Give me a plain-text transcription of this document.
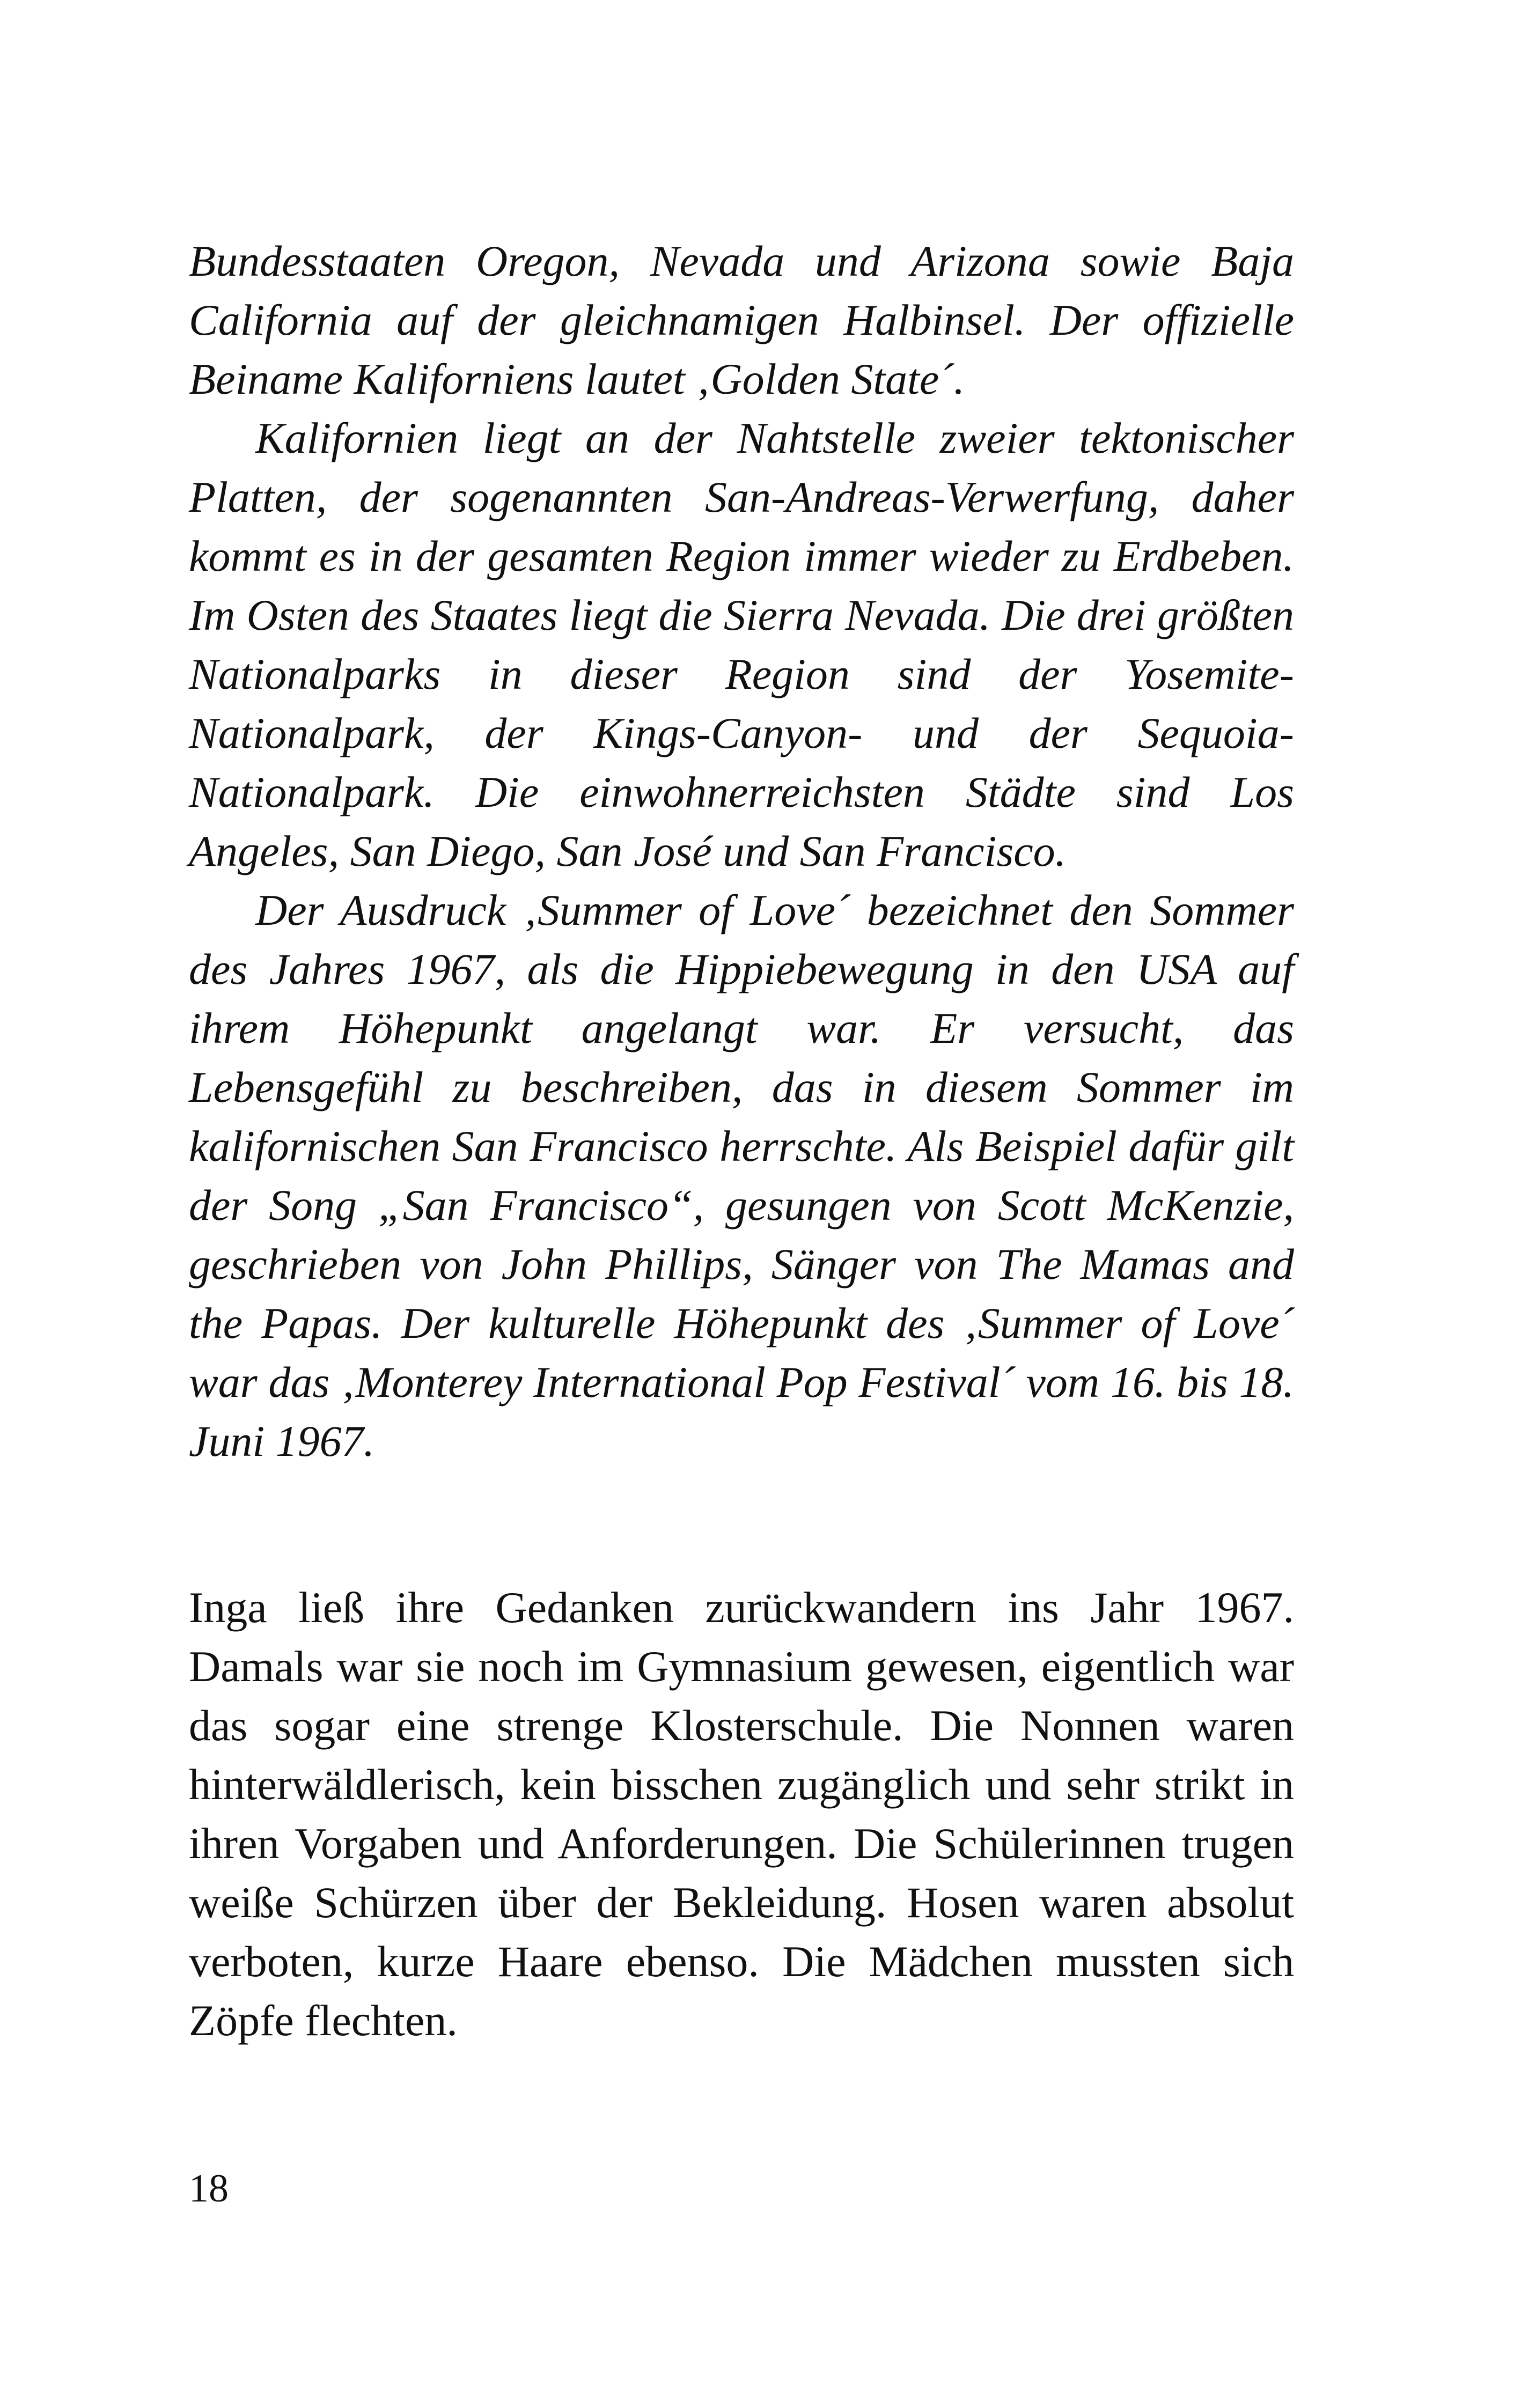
Bundesstaaten Oregon, Nevada und Arizona sowie Baja California auf der gleichnamigen Halbinsel. Der offizielle Beiname Kaliforniens lautet ‚Golden State´.

Kalifornien liegt an der Nahtstelle zweier tektonischer Platten, der sogenannten San-Andreas-Verwerfung, daher kommt es in der gesamten Region immer wieder zu Erdbeben. Im Osten des Staates liegt die Sierra Nevada. Die drei größten Nationalparks in dieser Region sind der Yosemite-Nationalpark, der Kings-Canyon- und der Sequoia-Nationalpark. Die einwohnerreichsten Städte sind Los Angeles, San Diego, San José und San Francisco.

Der Ausdruck ‚Summer of Love´ bezeichnet den Sommer des Jahres 1967, als die Hippiebewegung in den USA auf ihrem Höhepunkt angelangt war. Er versucht, das Lebensgefühl zu beschreiben, das in diesem Sommer im kalifornischen San Francisco herrschte. Als Beispiel dafür gilt der Song „San Francisco“, gesungen von Scott McKenzie, geschrieben von John Phillips, Sänger von The Mamas and the Papas. Der kulturelle Höhepunkt des ‚Summer of Love´ war das ‚Monterey International Pop Festival´ vom 16. bis 18. Juni 1967.

Inga ließ ihre Gedanken zurückwandern ins Jahr 1967. Damals war sie noch im Gymnasium gewesen, eigentlich war das sogar eine strenge Klosterschule. Die Nonnen waren hinterwäldlerisch, kein bisschen zugänglich und sehr strikt in ihren Vorgaben und Anforderungen. Die Schülerinnen trugen weiße Schürzen über der Bekleidung. Hosen waren absolut verboten, kurze Haare ebenso. Die Mädchen mussten sich Zöpfe flechten.

18
